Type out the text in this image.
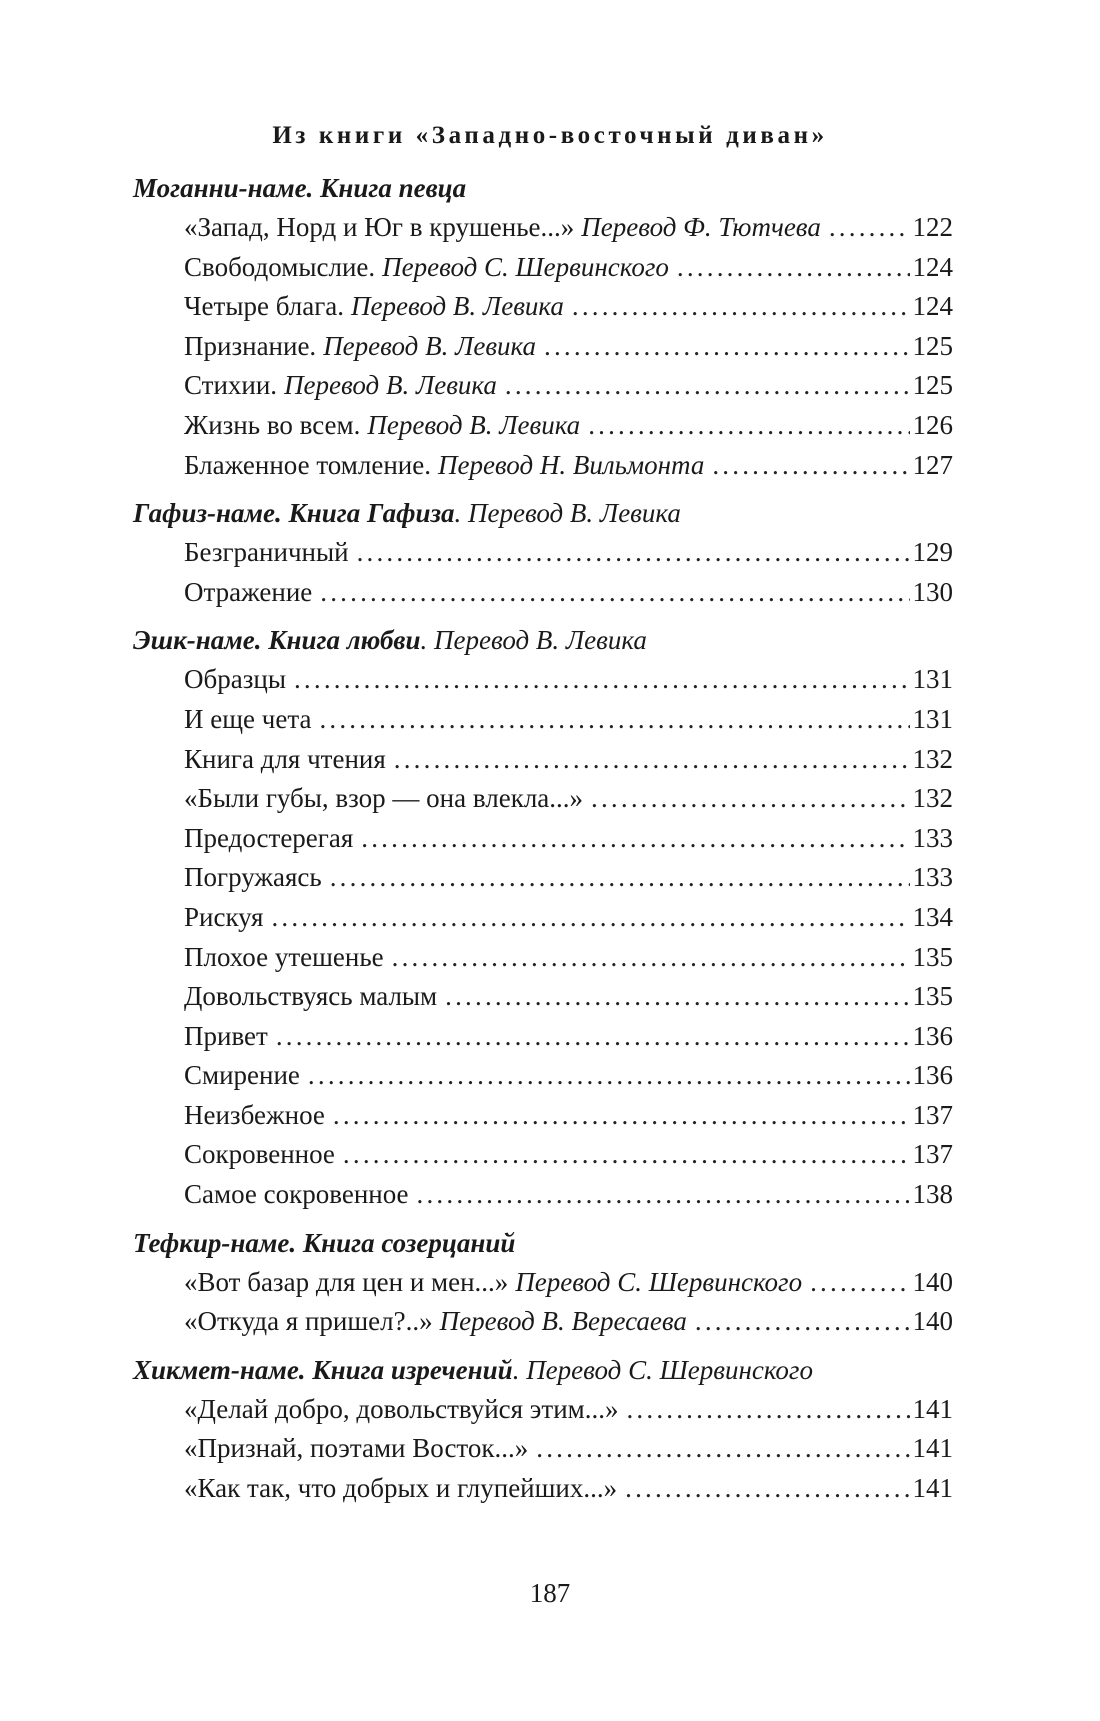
Из книги «Западно-восточный диван»
Моганни-наме. Книга певца
«Запад, Норд и Юг в крушенье...» Перевод Ф. Тютчева .....	122
Свободомыслие. Перевод С. Шервинского .....	124
Четыре блага. Перевод В. Левика .....	124
Признание. Перевод В. Левика .....	125
Стихии. Перевод В. Левика .....	125
Жизнь во всем. Перевод В. Левика .....	126
Блаженное томление. Перевод Н. Вильмонта .....	127
Гафиз-наме. Книга Гафиза. Перевод В. Левика
Безграничный .....	129
Отражение .....	130
Эшк-наме. Книга любви. Перевод В. Левика
Образцы .....	131
И еще чета .....	131
Книга для чтения .....	132
«Были губы, взор — она влекла...» .....	132
Предостерегая .....	133
Погружаясь .....	133
Рискуя .....	134
Плохое утешенье .....	135
Довольствуясь малым .....	135
Привет .....	136
Смирение .....	136
Неизбежное .....	137
Сокровенное .....	137
Самое сокровенное .....	138
Тефкир-наме. Книга созерцаний
«Вот базар для цен и мен...» Перевод С. Шервинского .....	140
«Откуда я пришел?..» Перевод В. Вересаева .....	140
Хикмет-наме. Книга изречений. Перевод С. Шервинского
«Делай добро, довольствуйся этим...» .....	141
«Признай, поэтами Восток...» .....	141
«Как так, что добрых и глупейших...» .....	141
187
